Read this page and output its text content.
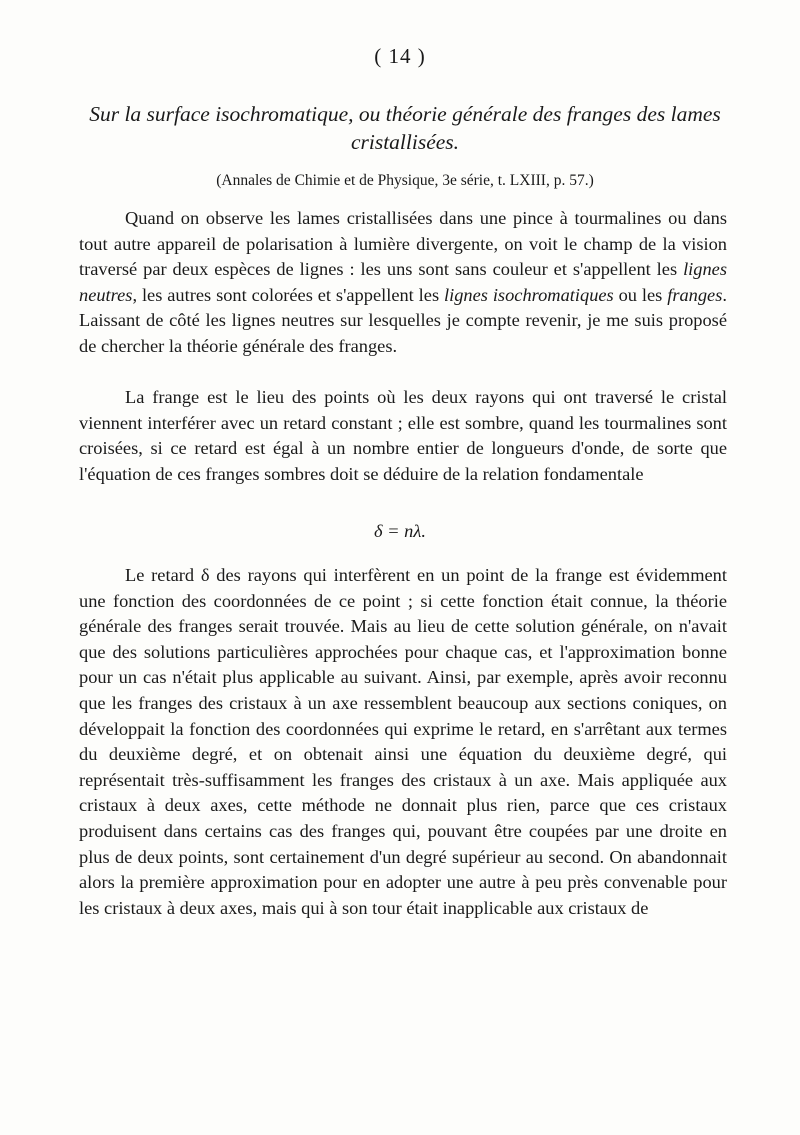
( 14 )
Sur la surface isochromatique, ou théorie générale des franges des lames cristallisées.
(Annales de Chimie et de Physique, 3e série, t. LXIII, p. 57.)

Quand on observe les lames cristallisées dans une pince à tourmalines ou dans tout autre appareil de polarisation à lumière divergente, on voit le champ de la vision traversé par deux espèces de lignes : les uns sont sans couleur et s'appellent les lignes neutres, les autres sont colorées et s'appellent les lignes isochromatiques ou les franges. Laissant de côté les lignes neutres sur lesquelles je compte revenir, je me suis proposé de chercher la théorie générale des franges.

La frange est le lieu des points où les deux rayons qui ont traversé le cristal viennent interférer avec un retard constant ; elle est sombre, quand les tourmalines sont croisées, si ce retard est égal à un nombre entier de longueurs d'onde, de sorte que l'équation de ces franges sombres doit se déduire de la relation fondamentale

δ = nλ.

Le retard δ des rayons qui interfèrent en un point de la frange est évidemment une fonction des coordonnées de ce point ; si cette fonction était connue, la théorie générale des franges serait trouvée. Mais au lieu de cette solution générale, on n'avait que des solutions particulières approchées pour chaque cas, et l'approximation bonne pour un cas n'était plus applicable au suivant. Ainsi, par exemple, après avoir reconnu que les franges des cristaux à un axe ressemblent beaucoup aux sections coniques, on développait la fonction des coordonnées qui exprime le retard, en s'arrêtant aux termes du deuxième degré, et on obtenait ainsi une équation du deuxième degré, qui représentait très-suffisamment les franges des cristaux à un axe. Mais appliquée aux cristaux à deux axes, cette méthode ne donnait plus rien, parce que ces cristaux produisent dans certains cas des franges qui, pouvant être coupées par une droite en plus de deux points, sont certainement d'un degré supérieur au second. On abandonnait alors la première approximation pour en adopter une autre à peu près convenable pour les cristaux à deux axes, mais qui à son tour était inapplicable aux cristaux de
